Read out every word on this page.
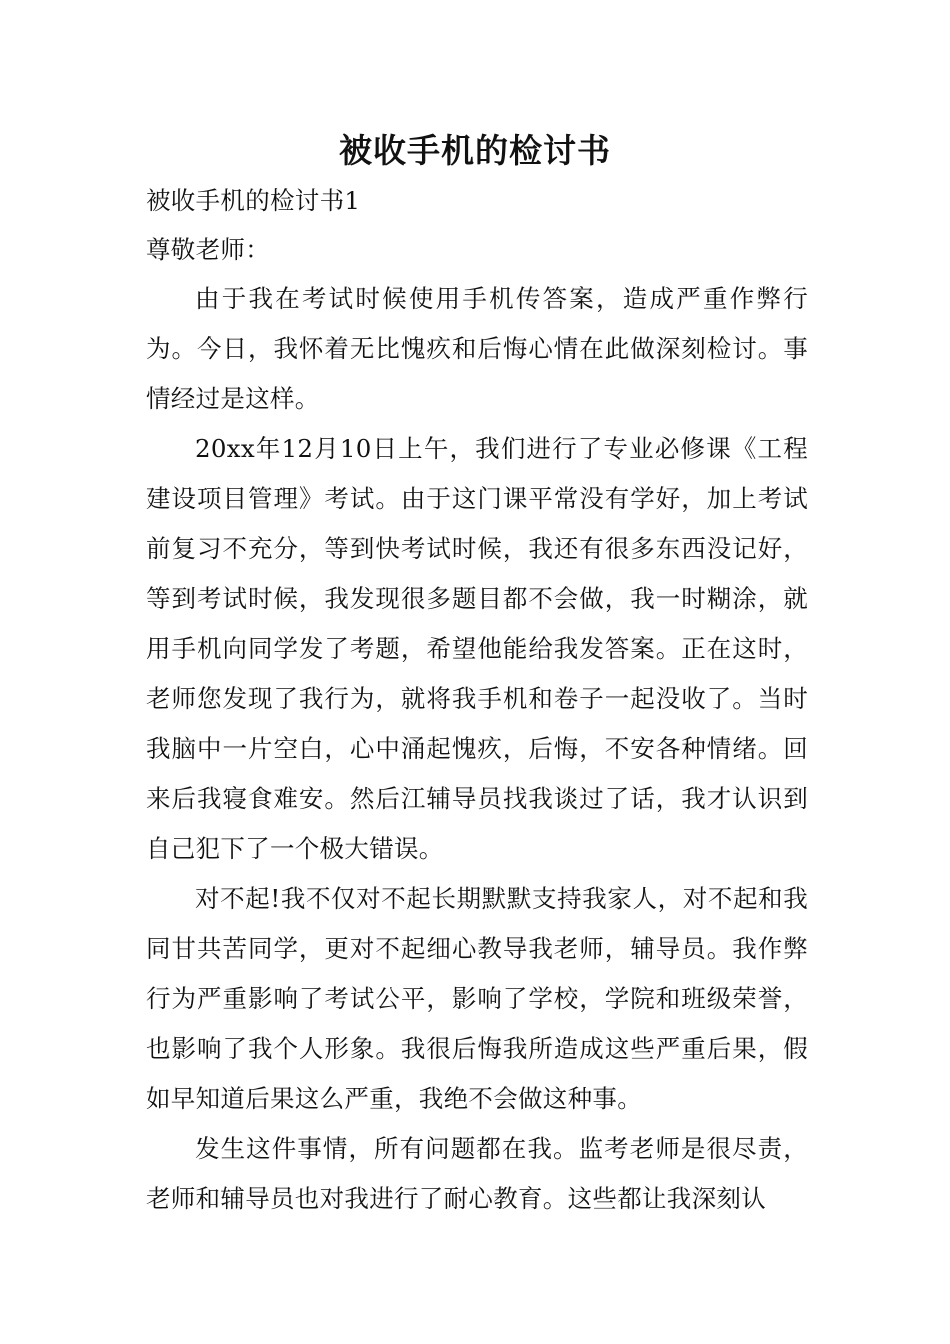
被收手机的检讨书
被收手机的检讨书1
尊敬老师：

由于我在考试时候使用手机传答案，造成严重作弊行为。今日，我怀着无比愧疚和后悔心情在此做深刻检讨。事情经过是这样。

20xx年12月10日上午，我们进行了专业必修课《工程建设项目管理》考试。由于这门课平常没有学好，加上考试前复习不充分，等到快考试时候，我还有很多东西没记好，等到考试时候，我发现很多题目都不会做，我一时糊涂，就用手机向同学发了考题，希望他能给我发答案。正在这时，老师您发现了我行为，就将我手机和卷子一起没收了。当时我脑中一片空白，心中涌起愧疚，后悔，不安各种情绪。回来后我寝食难安。然后江辅导员找我谈过了话，我才认识到自己犯下了一个极大错误。

对不起!我不仅对不起长期默默支持我家人，对不起和我同甘共苦同学，更对不起细心教导我老师，辅导员。我作弊行为严重影响了考试公平，影响了学校，学院和班级荣誉，也影响了我个人形象。我很后悔我所造成这些严重后果，假如早知道后果这么严重，我绝不会做这种事。

发生这件事情，所有问题都在我。监考老师是很尽责，老师和辅导员也对我进行了耐心教育。这些都让我深刻认
